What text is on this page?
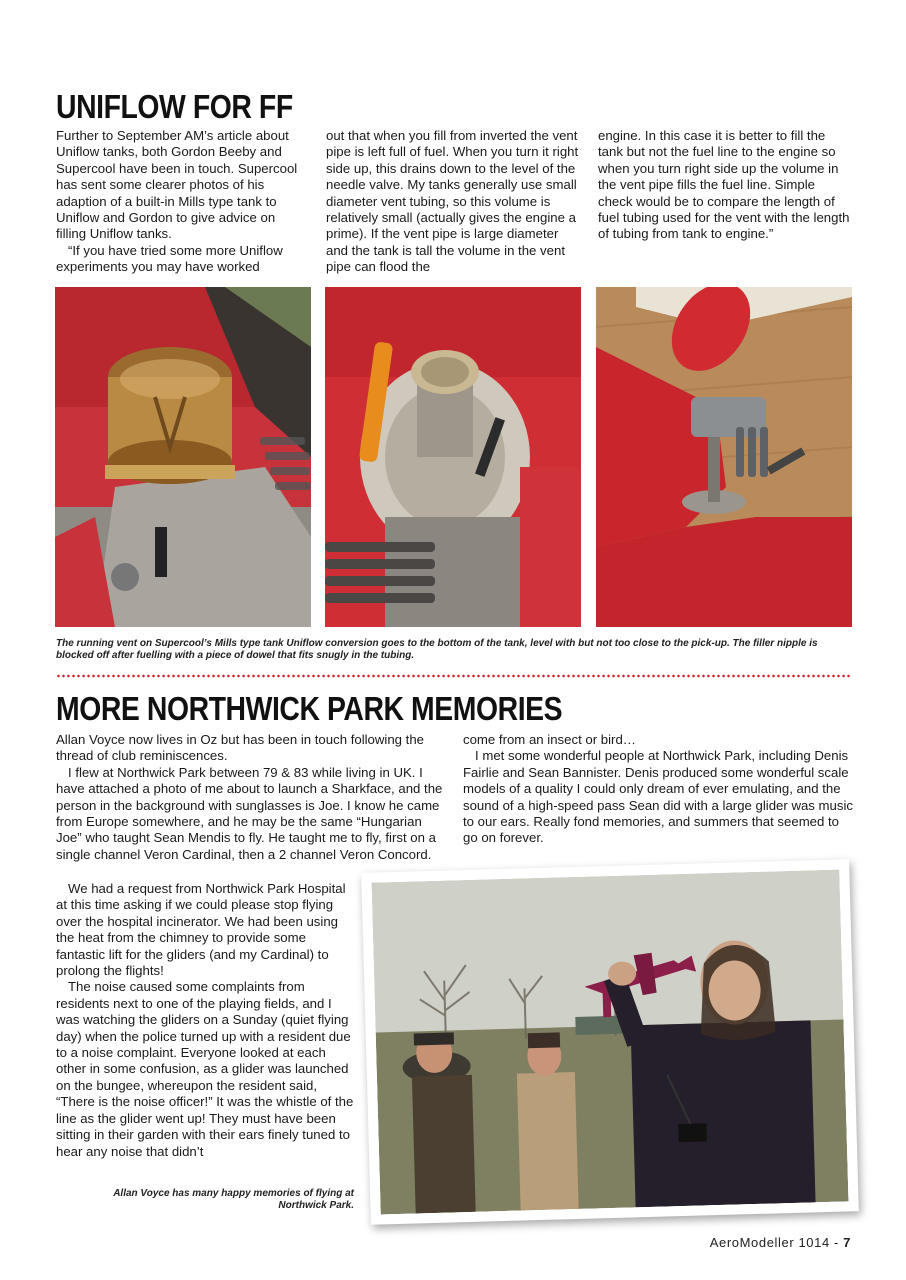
UNIFLOW FOR FF

Further to September AM’s article about Uniflow tanks, both Gordon Beeby and Supercool have been in touch. Supercool has sent some clearer photos of his adaption of a built-in Mills type tank to Uniflow and Gordon to give advice on filling Uniflow tanks.

“If you have tried some more Uniflow experiments you may have worked

out that when you fill from inverted the vent pipe is left full of fuel. When you turn it right side up, this drains down to the level of the needle valve. My tanks generally use small diameter vent tubing, so this volume is relatively small (actually gives the engine a prime). If the vent pipe is large diameter and the tank is tall the volume in the vent pipe can flood the

engine. In this case it is better to fill the tank but not the fuel line to the engine so when you turn right side up the volume in the vent pipe fills the fuel line. Simple check would be to compare the length of fuel tubing used for the vent with the length of tubing from tank to engine.”

The running vent on Supercool’s Mills type tank Uniflow conversion goes to the bottom of the tank, level with but not too close to the pick-up. The filler nipple is blocked off after fuelling with a piece of dowel that fits snugly in the tubing.
MORE NORTHWICK PARK MEMORIES

Allan Voyce now lives in Oz but has been in touch following the thread of club reminiscences.

I flew at Northwick Park between 79 & 83 while living in UK. I have attached a photo of me about to launch a Sharkface, and the person in the background with sunglasses is Joe. I know he came from Europe somewhere, and he may be the same “Hungarian Joe” who taught Sean Mendis to fly. He taught me to fly, first on a single channel Veron Cardinal, then a 2 channel Veron Concord.

We had a request from Northwick Park Hospital at this time asking if we could please stop flying over the hospital incinerator. We had been using the heat from the chimney to provide some fantastic lift for the gliders (and my Cardinal) to prolong the flights!

The noise caused some complaints from residents next to one of the playing fields, and I was watching the gliders on a Sunday (quiet flying day) when the police turned up with a resident due to a noise complaint. Everyone looked at each other in some confusion, as a glider was launched on the bungee, whereupon the resident said, “There is the noise officer!” It was the whistle of the line as the glider went up! They must have been sitting in their garden with their ears finely tuned to hear any noise that didn’t

come from an insect or bird…

I met some wonderful people at Northwick Park, including Denis Fairlie and Sean Bannister. Denis produced some wonderful scale models of a quality I could only dream of ever emulating, and the sound of a high-speed pass Sean did with a large glider was music to our ears. Really fond memories, and summers that seemed to go on forever.

Allan Voyce has many happy memories of flying at Northwick Park.
AeroModeller 1014 - 7
